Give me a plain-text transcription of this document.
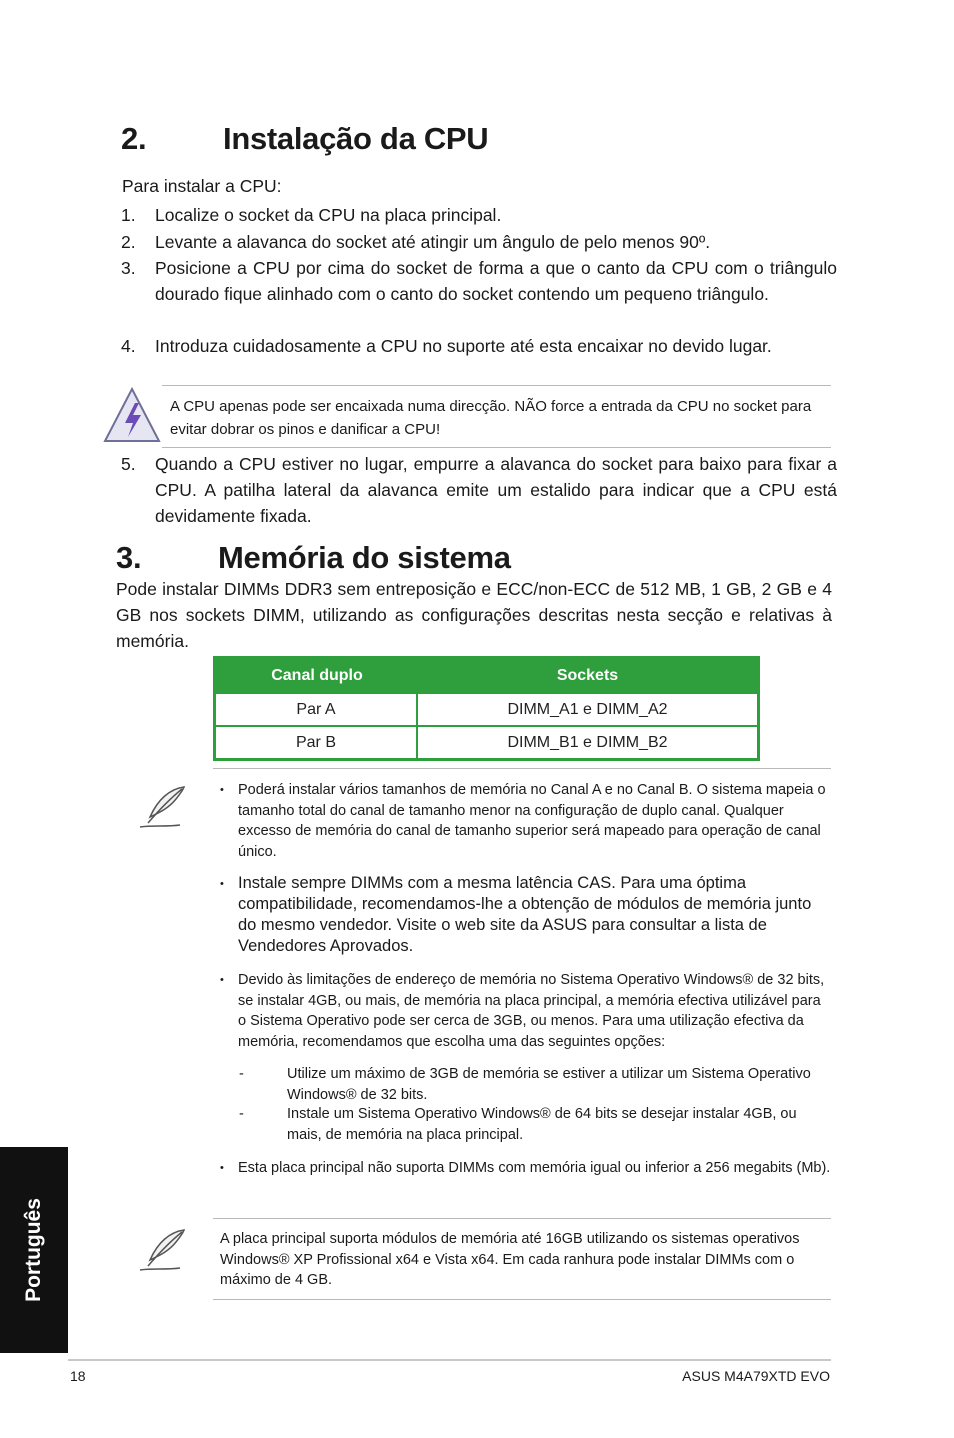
2. Instalação da CPU
Para instalar a CPU:
1.	Localize o socket da CPU na placa principal.
2.	Levante a alavanca do socket até atingir um ângulo de pelo menos 90º.
3.	Posicione a CPU por cima do socket de forma a que o canto da CPU com o triângulo dourado fique alinhado com o canto do socket contendo um pequeno triângulo.
4.	Introduza cuidadosamente a CPU no suporte até esta encaixar no devido lugar.
A CPU apenas pode ser encaixada numa direcção. NÃO force a entrada da CPU no socket para evitar dobrar os pinos e danificar a CPU!
5.	Quando a CPU estiver no lugar, empurre a alavanca do socket para baixo para fixar a CPU. A patilha lateral da alavanca emite um estalido para indicar que a CPU está devidamente fixada.
3. Memória do sistema
Pode instalar DIMMs DDR3 sem entreposição e ECC/non-ECC de 512 MB, 1 GB, 2 GB e 4 GB nos sockets DIMM, utilizando as configurações descritas nesta secção e relativas à memória.
Canal duplo	Sockets
Par A	DIMM_A1 e DIMM_A2
Par B	DIMM_B1 e DIMM_B2
• Poderá instalar vários tamanhos de memória no Canal A e no Canal B. O sistema mapeia o tamanho total do canal de tamanho menor na configuração de duplo canal. Qualquer excesso de memória do canal de tamanho superior será mapeado para operação de canal único.
• Instale sempre DIMMs com a mesma latência CAS. Para uma óptima compatibilidade, recomendamos-lhe a obtenção de módulos de memória junto do mesmo vendedor. Visite o web site da ASUS para consultar a lista de Vendedores Aprovados.
• Devido às limitações de endereço de memória no Sistema Operativo Windows® de 32 bits, se instalar 4GB, ou mais, de memória na placa principal, a memória efectiva utilizável para o Sistema Operativo pode ser cerca de 3GB, ou menos. Para uma utilização efectiva da memória, recomendamos que escolha uma das seguintes opções:
-	Utilize um máximo de 3GB de memória se estiver a utilizar um Sistema Operativo Windows® de 32 bits.
-	Instale um Sistema Operativo Windows® de 64 bits se desejar instalar 4GB, ou mais, de memória na placa principal.
• Esta placa principal não suporta DIMMs com memória igual ou inferior a 256 megabits (Mb).
A placa principal suporta módulos de memória até 16GB utilizando os sistemas operativos Windows® XP Profissional x64 e Vista x64. Em cada ranhura pode instalar DIMMs com o máximo de 4 GB.
Português
18	ASUS M4A79XTD EVO
